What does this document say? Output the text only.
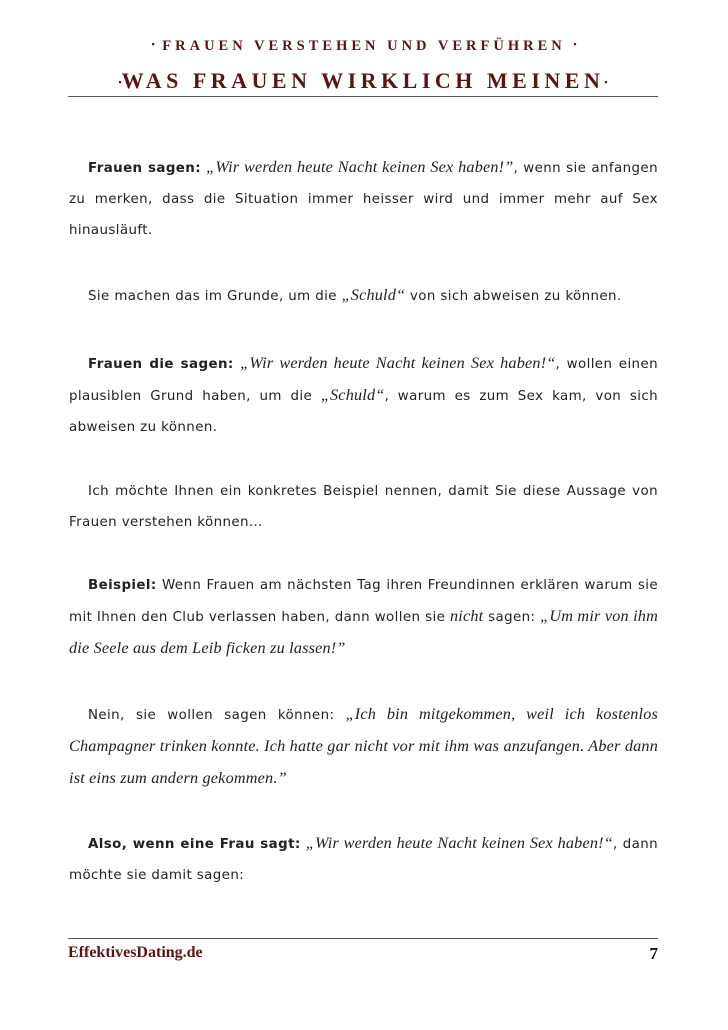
▪ FRAUEN VERSTEHEN UND VERFÜHREN ▪
▪WAS FRAUEN WIRKLICH MEINEN▪
Frauen sagen: „Wir werden heute Nacht keinen Sex haben!”, wenn sie anfangen zu merken, dass die Situation immer heisser wird und immer mehr auf Sex hinausläuft.
Sie machen das im Grunde, um die „Schuld“ von sich abweisen zu können.
Frauen die sagen: „Wir werden heute Nacht keinen Sex haben!“, wollen einen plausiblen Grund haben, um die „Schuld“, warum es zum Sex kam, von sich abweisen zu können.
Ich möchte Ihnen ein konkretes Beispiel nennen, damit Sie diese Aussage von Frauen verstehen können…
Beispiel: Wenn Frauen am nächsten Tag ihren Freundinnen erklären warum sie mit Ihnen den Club verlassen haben, dann wollen sie nicht sagen: „Um mir von ihm die Seele aus dem Leib ficken zu lassen!”
Nein, sie wollen sagen können: „Ich bin mitgekommen, weil ich kostenlos Champagner trinken konnte. Ich hatte gar nicht vor mit ihm was anzufangen. Aber dann ist eins zum andern gekommen.”
Also, wenn eine Frau sagt: „Wir werden heute Nacht keinen Sex haben!“, dann möchte sie damit sagen:
EffektivesDating.de	7
